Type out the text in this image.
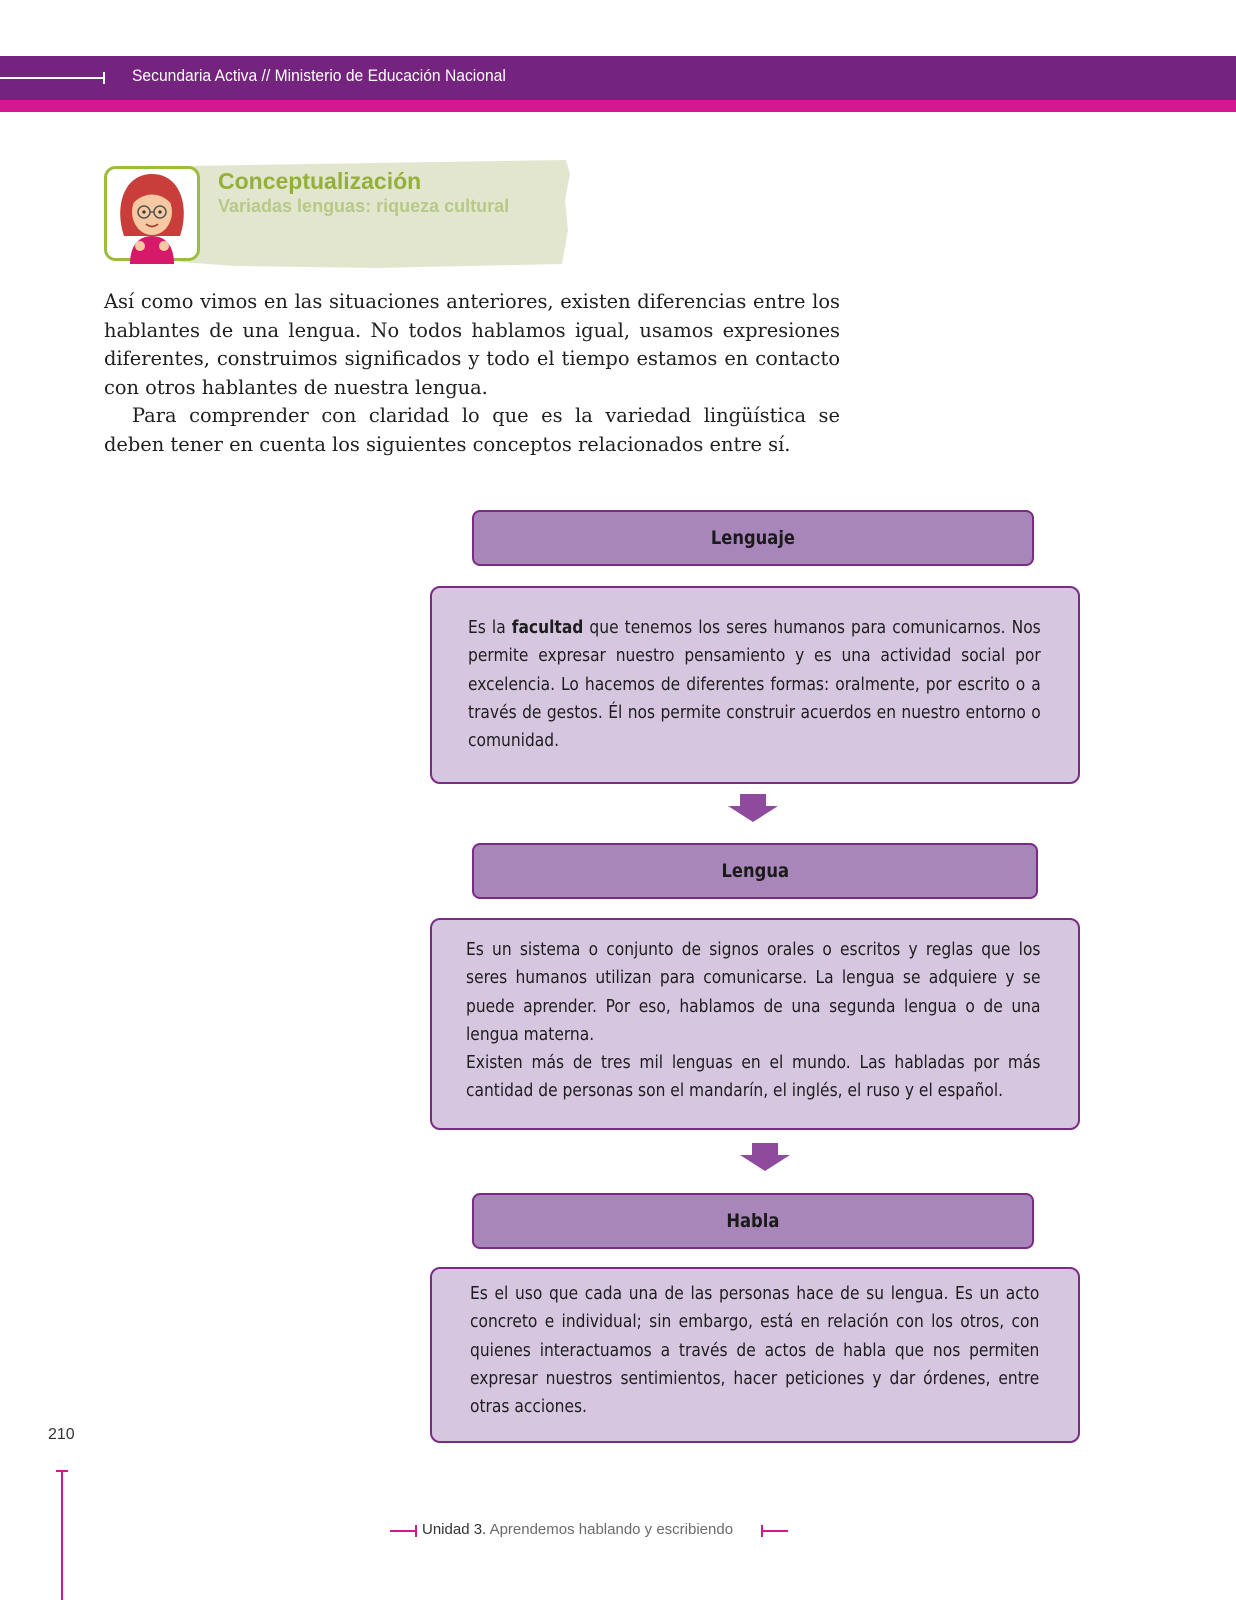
Secundaria Activa // Ministerio de Educación Nacional
Conceptualización
Variadas lenguas: riqueza cultural

Así como vimos en las situaciones anteriores, existen diferencias entre los hablantes de una lengua. No todos hablamos igual, usamos expresiones diferentes, construimos significados y todo el tiempo estamos en contacto con otros hablantes de nuestra lengua.

Para comprender con claridad lo que es la variedad lingüística se deben tener en cuenta los siguientes conceptos relacionados entre sí.

Lenguaje
Es la facultad que tenemos los seres humanos para comunicarnos. Nos permite expresar nuestro pensamiento y es una actividad social por excelencia. Lo hacemos de diferentes formas: oralmente, por escrito o a través de gestos. Él nos permite construir acuerdos en nuestro entorno o comunidad.
Lengua
Es un sistema o conjunto de signos orales o escritos y reglas que los seres humanos utilizan para comunicarse. La lengua se adquiere y se puede aprender. Por eso, hablamos de una segunda lengua o de una lengua materna.
Existen más de tres mil lenguas en el mundo. Las habladas por más cantidad de personas son el mandarín, el inglés, el ruso y el español.
Habla
Es el uso que cada una de las personas hace de su lengua. Es un acto concreto e individual; sin embargo, está en relación con los otros, con quienes interactuamos a través de actos de habla que nos permiten expresar nuestros sentimientos, hacer peticiones y dar órdenes, entre otras acciones.
210
Unidad 3. Aprendemos hablando y escribiendo
